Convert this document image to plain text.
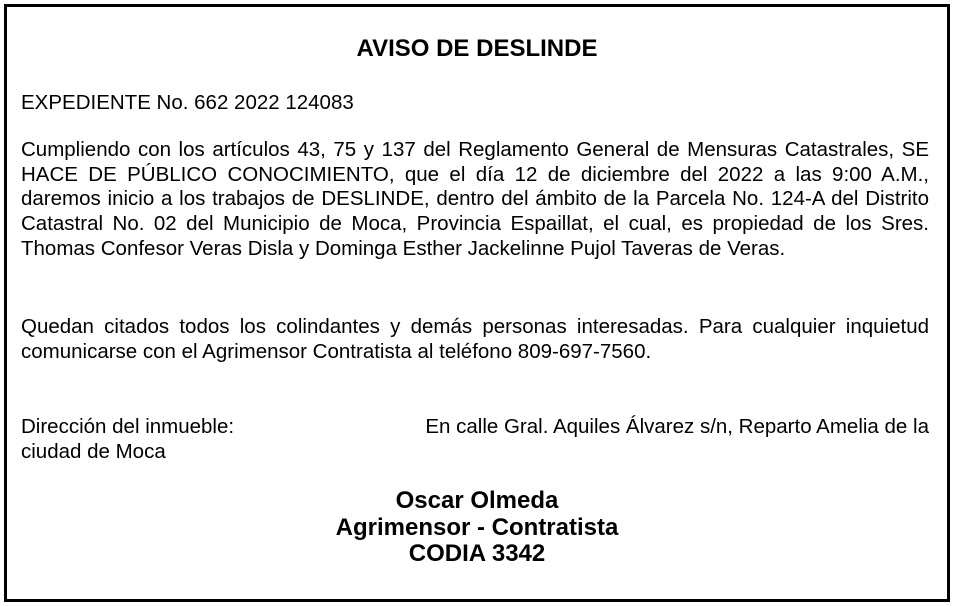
AVISO DE DESLINDE
EXPEDIENTE No. 662 2022 124083

Cumpliendo con los artículos 43, 75 y 137 del Reglamento General de Mensuras Catastrales, SE HACE DE PÚBLICO CONOCIMIENTO, que el día 12 de diciembre del 2022 a las 9:00 A.M., daremos inicio a los trabajos de DESLINDE, dentro del ámbito de la Parcela No. 124-A del Distrito Catastral No. 02 del Municipio de Moca, Provincia Espaillat, el cual, es propiedad de los Sres. Thomas Confesor Veras Disla y Dominga Esther Jackelinne Pujol Taveras de Veras.

Quedan citados todos los colindantes y demás personas interesadas. Para cualquier inquietud comunicarse con el Agrimensor Contratista al teléfono 809-697-7560.

Dirección del inmueble:	En calle Gral. Aquiles Álvarez s/n, Reparto Amelia de la
ciudad de Moca
Oscar Olmeda
Agrimensor - Contratista
CODIA 3342
